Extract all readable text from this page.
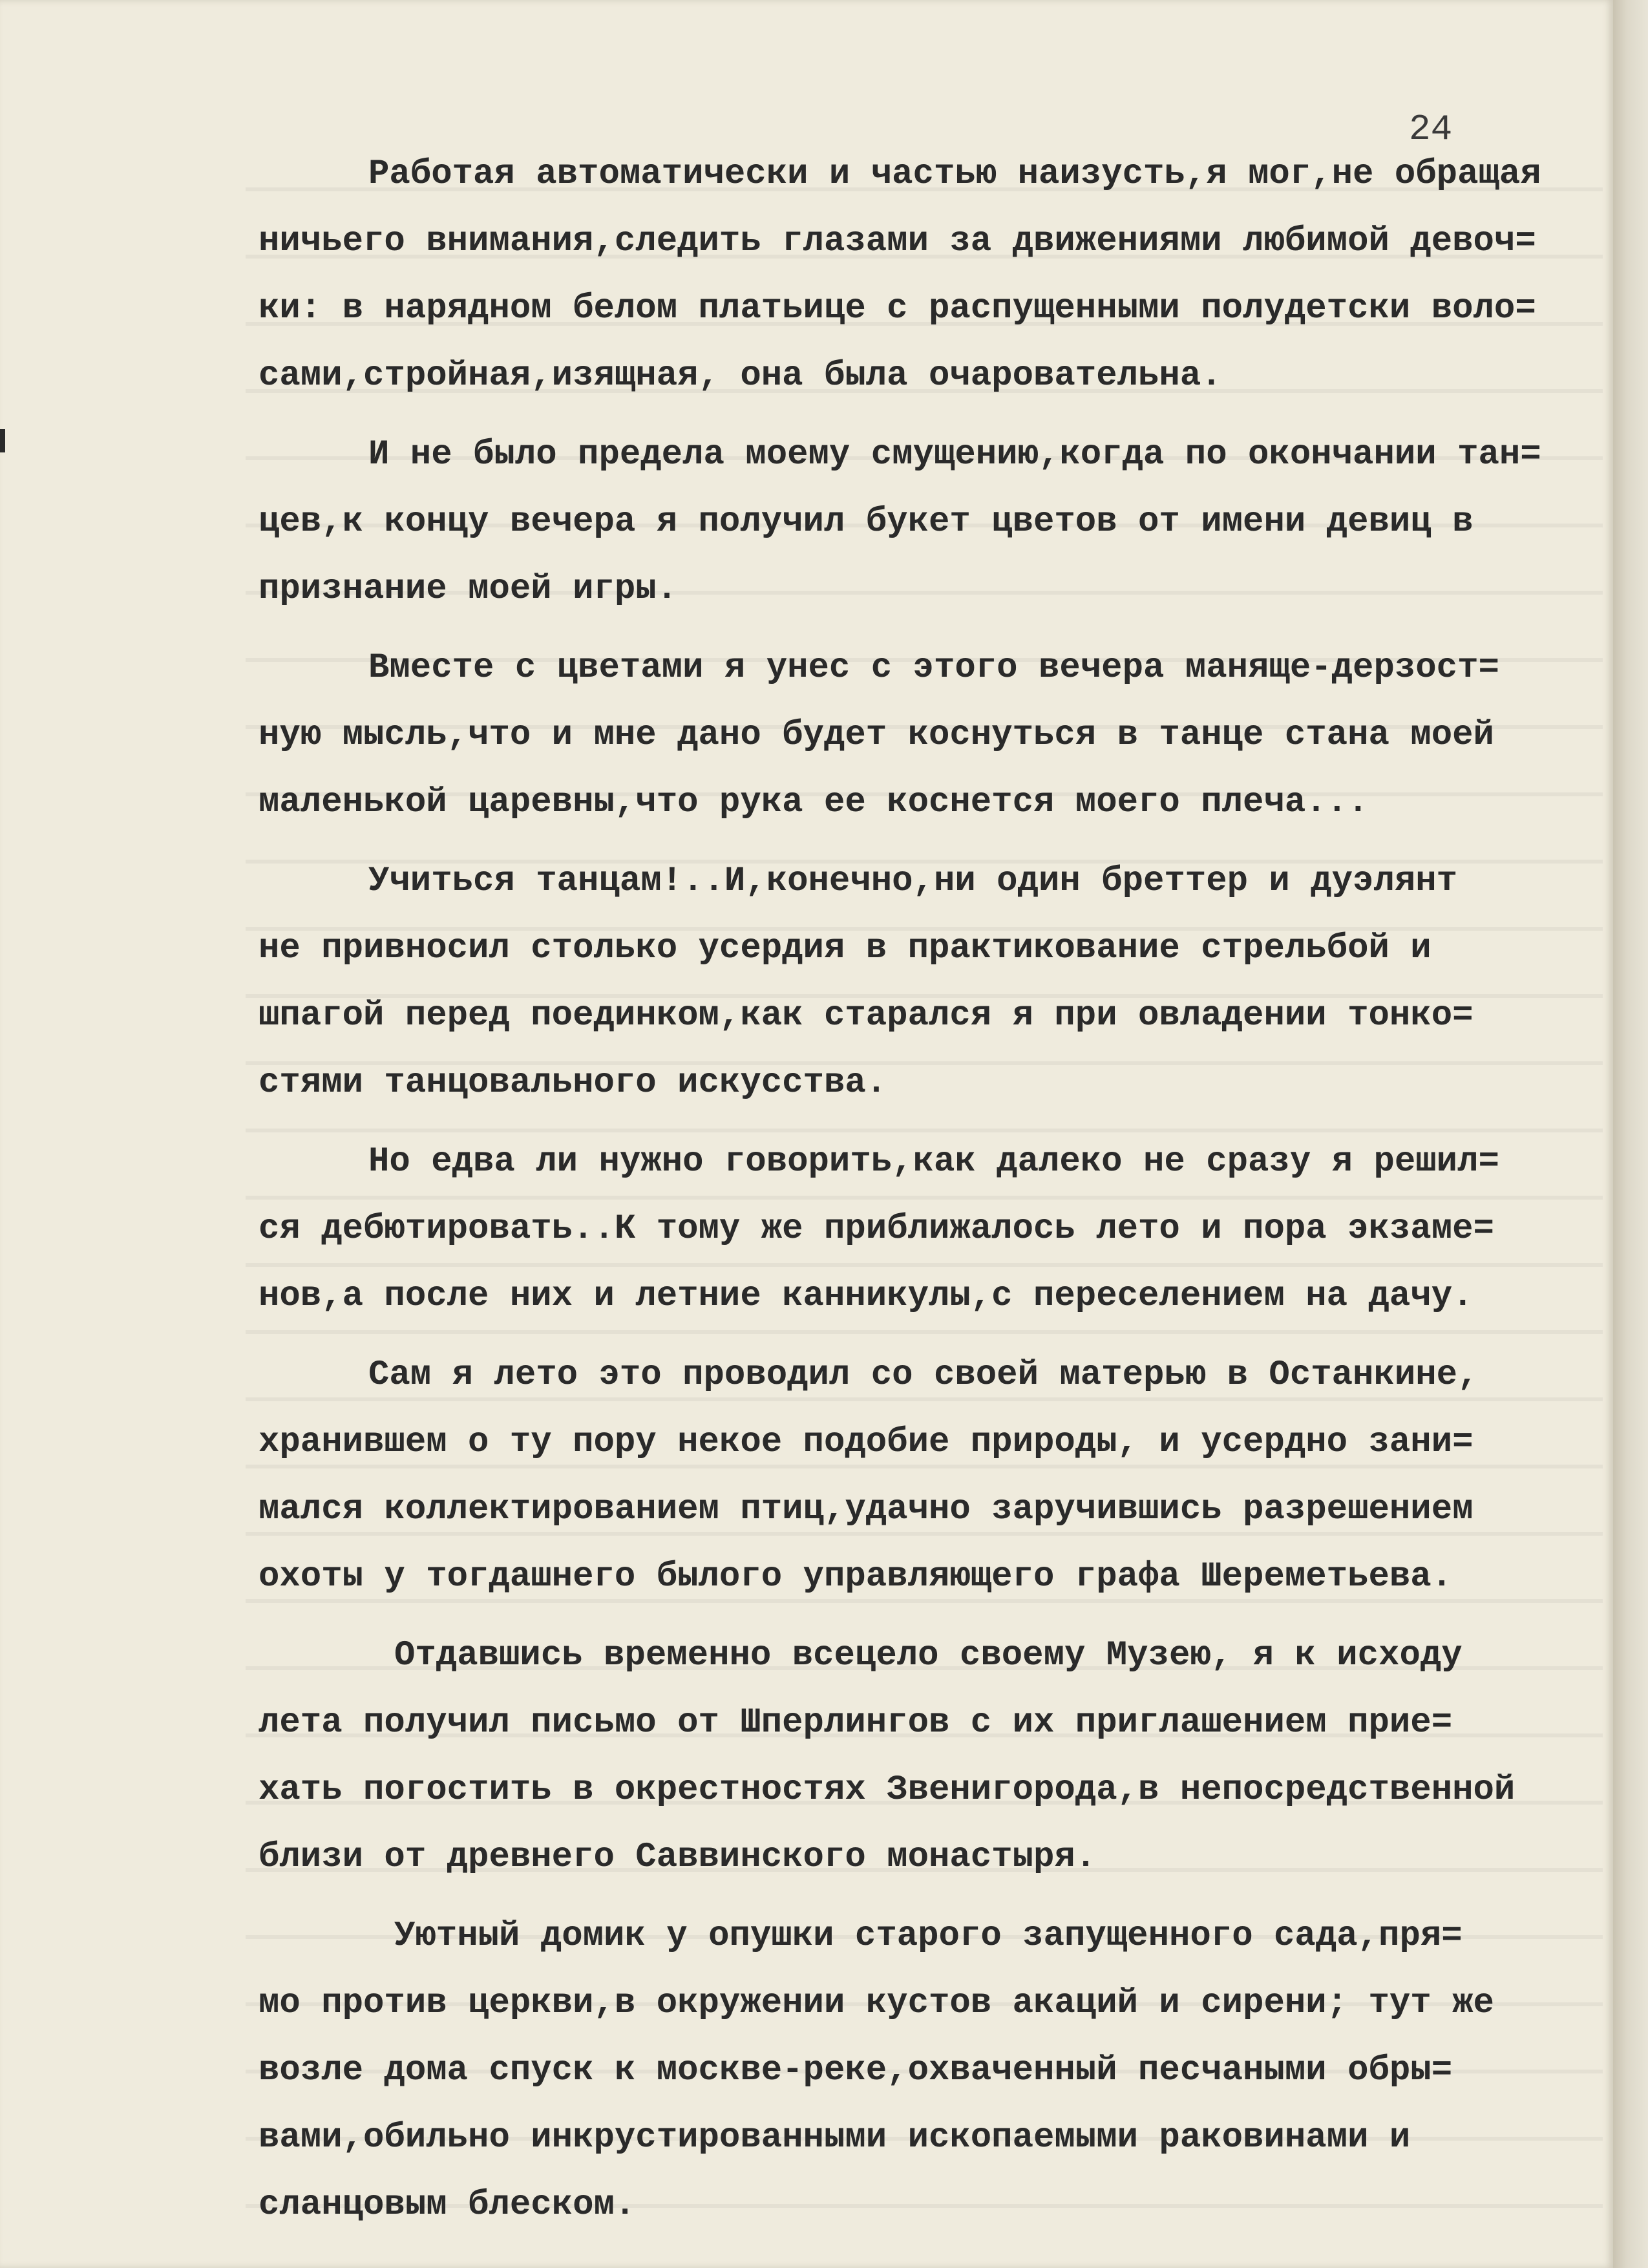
24
Работая автоматически и частью наизусть,я мог,не обращая
ничьего внимания,следить глазами за движениями любимой девоч=
ки: в нарядном белом платьице с распущенными полудетски воло=
сами,стройная,изящная, она была очаровательна.
И не было предела моему смущению,когда по окончании тан=
цев,к концу вечера я получил букет цветов от имени девиц в
признание моей игры.
Вместе с цветами я унес с этого вечера маняще-дерзост=
ную мысль,что и мне дано будет коснуться в танце стана моей
маленькой царевны,что рука ее коснется моего плеча...
Учиться танцам!..И,конечно,ни один бреттер и дуэлянт
не привносил столько усердия в практикование стрельбой и
шпагой перед поединком,как старался я при овладении тонко=
стями танцовального искусства.
Но едва ли нужно говорить,как далеко не сразу я решил=
ся дебютировать..К тому же приближалось лето и пора экзаме=
нов,а после них и летние канникулы,с переселением на дачу.
Сам я лето это проводил со своей матерью в Останкине,
хранившем о ту пору некое подобие природы, и усердно зани=
мался коллектированием птиц,удачно заручившись разрешением
охоты у тогдашнего былого управляющего графа Шереметьева.
Отдавшись временно всецело своему Музею, я к исходу
лета получил письмо от Шперлингов с их приглашением прие=
хать погостить в окрестностях Звенигорода,в непосредственной
близи от древнего Саввинского монастыря.
Уютный домик у опушки старого запущенного сада,пря=
мо против церкви,в окружении кустов акаций и сирени; тут же
возле дома спуск к москве-реке,охваченный песчаными обры=
вами,обильно инкрустированными ископаемыми раковинами и
сланцовым блеском.
